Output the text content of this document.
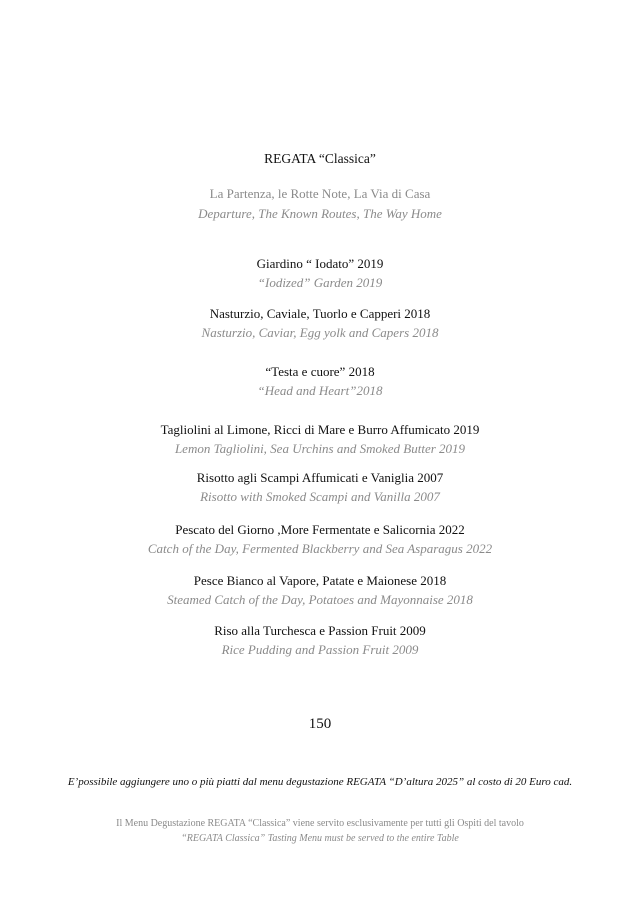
REGATA “Classica”
La Partenza, le Rotte Note, La Via di Casa
Departure, The Known Routes, The Way Home
Giardino “ Iodato” 2019
“Iodized” Garden 2019
Nasturzio, Caviale, Tuorlo e Capperi 2018
Nasturzio, Caviar, Egg yolk and Capers 2018
“Testa e cuore” 2018
“Head and Heart”2018
Tagliolini al Limone, Ricci di Mare e Burro Affumicato 2019
Lemon Tagliolini, Sea Urchins and Smoked Butter 2019
Risotto agli Scampi Affumicati e Vaniglia 2007
Risotto with Smoked Scampi and Vanilla 2007
Pescato del Giorno ,More Fermentate e Salicornia 2022
Catch of the Day, Fermented Blackberry and Sea Asparagus 2022
Pesce Bianco al Vapore, Patate e Maionese 2018
Steamed Catch of the Day, Potatoes and Mayonnaise 2018
Riso alla Turchesca e Passion Fruit 2009
Rice Pudding and Passion Fruit 2009
150
E’possibile aggiungere uno o più piatti dal menu degustazione REGATA “D’altura 2025” al costo di 20 Euro cad.
Il Menu Degustazione REGATA “Classica” viene servito esclusivamente per tutti gli Ospiti del tavolo
“REGATA Classica” Tasting Menu must be served to the entire Table
